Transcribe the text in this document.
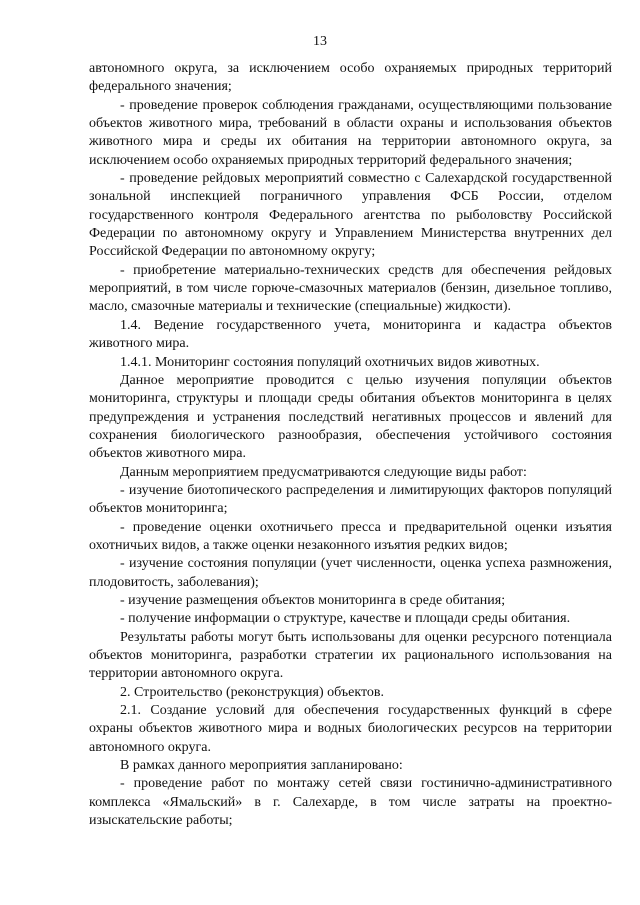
13

автономного округа, за исключением особо охраняемых природных территорий федерального значения;

- проведение проверок соблюдения гражданами, осуществляющими пользование объектов животного мира, требований в области охраны и использования объектов животного мира и среды их обитания на территории автономного округа, за исключением особо охраняемых природных территорий федерального значения;

- проведение рейдовых мероприятий совместно с Салехардской государственной зональной инспекцией пограничного управления ФСБ России, отделом государственного контроля Федерального агентства по рыболовству Российской Федерации по автономному округу и Управлением Министерства внутренних дел Российской Федерации по автономному округу;

- приобретение материально-технических средств для обеспечения рейдовых мероприятий, в том числе горюче-смазочных материалов (бензин, дизельное топливо, масло, смазочные материалы и технические (специальные) жидкости).

1.4. Ведение государственного учета, мониторинга и кадастра объектов животного мира.

1.4.1. Мониторинг состояния популяций охотничьих видов животных.

Данное мероприятие проводится с целью изучения популяции объектов мониторинга, структуры и площади среды обитания объектов мониторинга в целях предупреждения и устранения последствий негативных процессов и явлений для сохранения биологического разнообразия, обеспечения устойчивого состояния объектов животного мира.

Данным мероприятием предусматриваются следующие виды работ:

- изучение биотопического распределения и лимитирующих факторов популяций объектов мониторинга;

- проведение оценки охотничьего пресса и предварительной оценки изъятия охотничьих видов, а также оценки незаконного изъятия редких видов;

- изучение состояния популяции (учет численности, оценка успеха размножения, плодовитость, заболевания);

- изучение размещения объектов мониторинга в среде обитания;

- получение информации о структуре, качестве и площади среды обитания.

Результаты работы могут быть использованы для оценки ресурсного потенциала объектов мониторинга, разработки стратегии их рационального использования на территории автономного округа.

2. Строительство (реконструкция) объектов.

2.1. Создание условий для обеспечения государственных функций в сфере охраны объектов животного мира и водных биологических ресурсов на территории автономного округа.

В рамках данного мероприятия запланировано:

- проведение работ по монтажу сетей связи гостинично-административного комплекса «Ямальский» в г. Салехарде, в том числе затраты на проектно-изыскательские работы;
